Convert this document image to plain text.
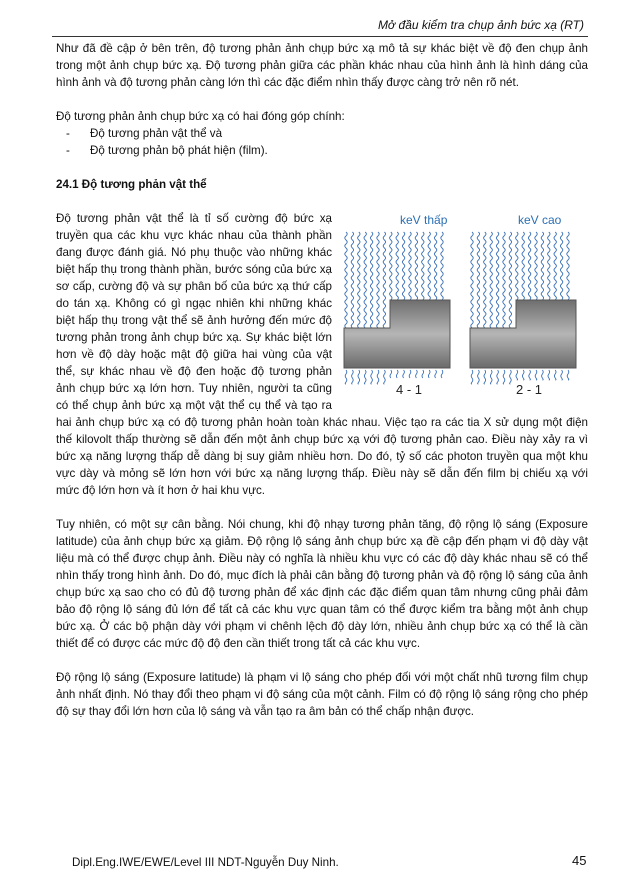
Mở đầu kiểm tra chụp ảnh bức xạ (RT)

Như đã đề cập ở bên trên, độ tương phản ảnh chụp bức xạ mô tả sự khác biệt về độ đen chụp ảnh trong một ảnh chụp bức xạ. Độ tương phản giữa các phần khác nhau của hình ảnh là hình dáng của hình ảnh và độ tương phản càng lớn thì các đặc điểm nhìn thấy được càng trở nên rõ nét.

Độ tương phản ảnh chụp bức xạ có hai đóng góp chính:

-	Độ tương phản vật thể và
-	Độ tương phản bộ phát hiện (film).
24.1 Độ tương phản vật thể
keV thấp	keV cao
4 - 1	2 - 1

Độ tương phản vật thể là tỉ số cường độ bức xạ truyền qua các khu vực khác nhau của thành phần đang được đánh giá. Nó phụ thuộc vào những khác biệt hấp thụ trong thành phần, bước sóng của bức xạ sơ cấp, cường độ và sự phân bố của bức xạ thứ cấp do tán xạ. Không có gì ngạc nhiên khi những khác biệt hấp thụ trong vật thể sẽ ảnh hưởng đến mức độ tương phản trong ảnh chụp bức xạ. Sự khác biệt lớn hơn về độ dày hoặc mật độ giữa hai vùng của vật thể, sự khác nhau về độ đen hoặc độ tương phản ảnh chụp bức xạ lớn hơn. Tuy nhiên, người ta cũng có thể chụp ảnh bức xạ một vật thể cụ thể và tạo ra hai ảnh chụp bức xạ có độ tương phản hoàn toàn khác nhau. Việc tạo ra các tia X sử dụng một điện thế kilovolt thấp thường sẽ dẫn đến một ảnh chụp bức xạ với độ tương phản cao. Điều này xảy ra vì bức xạ năng lượng thấp dễ dàng bị suy giảm nhiều hơn. Do đó, tỷ số các photon truyền qua một khu vực dày và mỏng sẽ lớn hơn với bức xạ năng lượng thấp. Điều này sẽ dẫn đến film bị chiếu xạ với mức độ lớn hơn và ít hơn ở hai khu vực.

Tuy nhiên, có một sự cân bằng. Nói chung, khi độ nhạy tương phản tăng, độ rộng lộ sáng (Exposure latitude) của ảnh chụp bức xạ giảm. Độ rộng lộ sáng ảnh chụp bức xạ đề cập đến phạm vi độ dày vật liệu mà có thể được chụp ảnh. Điều này có nghĩa là nhiều khu vực có các độ dày khác nhau sẽ có thể nhìn thấy trong hình ảnh. Do đó, mục đích là phải cân bằng độ tương phản và độ rộng lộ sáng của ảnh chụp bức xạ sao cho có đủ độ tương phản để xác định các đặc điểm quan tâm nhưng cũng phải đảm bảo độ rộng lộ sáng đủ lớn để tất cả các khu vực quan tâm có thể được kiểm tra bằng một ảnh chụp bức xạ. Ở các bộ phận dày với phạm vi chênh lệch độ dày lớn, nhiều ảnh chụp bức xạ có thể là cần thiết để có được các mức độ độ đen cần thiết trong tất cả các khu vực.

Độ rộng lộ sáng (Exposure latitude) là phạm vi lộ sáng cho phép đối với một chất nhũ tương film chụp ảnh nhất định. Nó thay đổi theo phạm vi độ sáng của một cảnh. Film có độ rộng lộ sáng rộng cho phép độ sự thay đổi lớn hơn của lộ sáng và vẫn tạo ra âm bản có thể chấp nhận được.

Dipl.Eng.IWE/EWE/Level III NDT-Nguyễn Duy Ninh.	45
